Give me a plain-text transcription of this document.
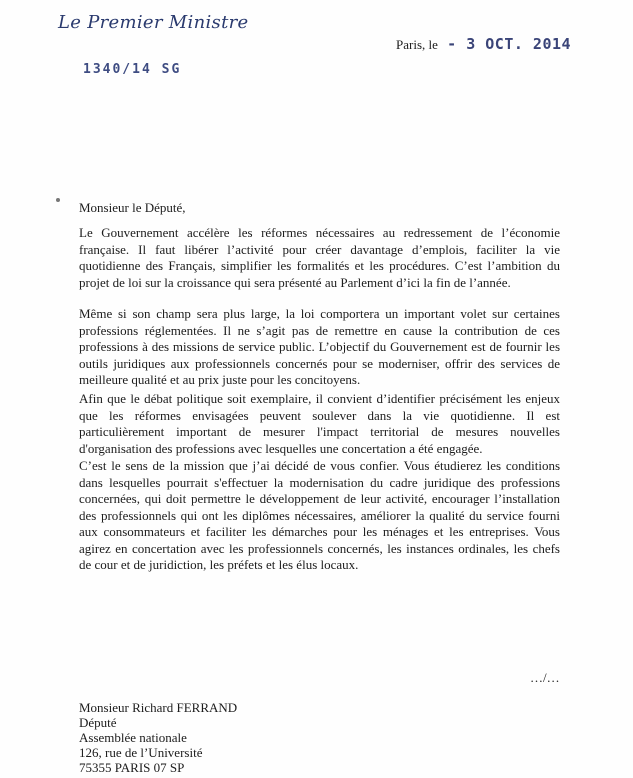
Le Premier Ministre
1340/14 SG
Paris, le - 3 OCT. 2014
Monsieur le Député,

Le Gouvernement accélère les réformes nécessaires au redressement de l’économie française. Il faut libérer l’activité pour créer davantage d’emplois, faciliter la vie quotidienne des Français, simplifier les formalités et les procédures. C’est l’ambition du projet de loi sur la croissance qui sera présenté au Parlement d’ici la fin de l’année.

Même si son champ sera plus large, la loi comportera un important volet sur certaines professions réglementées. Il ne s’agit pas de remettre en cause la contribution de ces professions à des missions de service public. L’objectif du Gouvernement est de fournir les outils juridiques aux professionnels concernés pour se moderniser, offrir des services de meilleure qualité et au prix juste pour les concitoyens.

Afin que le débat politique soit exemplaire, il convient d’identifier précisément les enjeux que les réformes envisagées peuvent soulever dans la vie quotidienne. Il est particulièrement important de mesurer l'impact territorial de mesures nouvelles d'organisation des professions avec lesquelles une concertation a été engagée.

C’est le sens de la mission que j’ai décidé de vous confier. Vous étudierez les conditions dans lesquelles pourrait s'effectuer la modernisation du cadre juridique des professions concernées, qui doit permettre le développement de leur activité, encourager l’installation des professionnels qui ont les diplômes nécessaires, améliorer la qualité du service fourni aux consommateurs et faciliter les démarches pour les ménages et les entreprises. Vous agirez en concertation avec les professionnels concernés, les instances ordinales, les chefs de cour et de juridiction, les préfets et les élus locaux.

…/…
Monsieur Richard FERRAND
Député
Assemblée nationale
126, rue de l’Université
75355 PARIS 07 SP
